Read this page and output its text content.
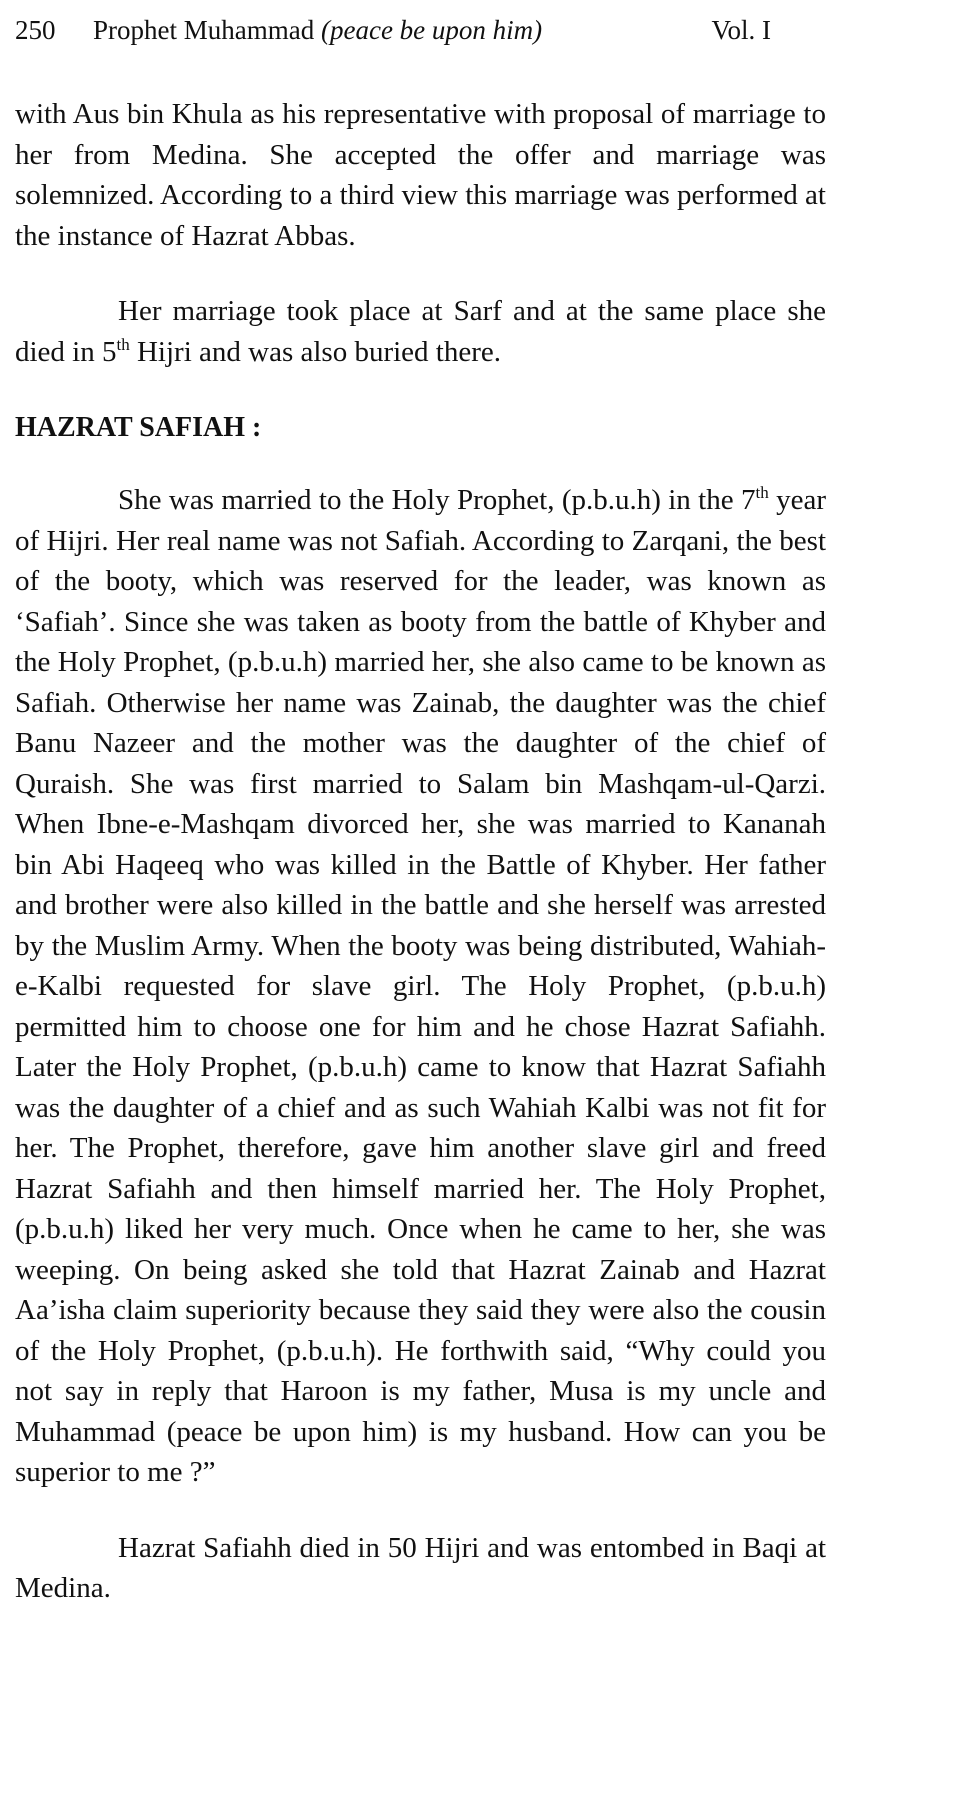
250 Prophet Muhammad (peace be upon him)	Vol. I

with Aus bin Khula as his representative with proposal of marriage to her from Medina. She accepted the offer and marriage was solemnized. According to a third view this marriage was performed at the instance of Hazrat Abbas.

Her marriage took place at Sarf and at the same place she died in 5th Hijri and was also buried there.

HAZRAT SAFIAH :

She was married to the Holy Prophet, (p.b.u.h) in the 7th year of Hijri. Her real name was not Safiah. According to Zarqani, the best of the booty, which was reserved for the leader, was known as ‘Safiah’. Since she was taken as booty from the battle of Khyber and the Holy Prophet, (p.b.u.h) married her, she also came to be known as Safiah. Otherwise her name was Zainab, the daughter was the chief Banu Nazeer and the mother was the daughter of the chief of Quraish. She was first married to Salam bin Mashqam-ul-Qarzi. When Ibne-e-Mashqam divorced her, she was married to Kananah bin Abi Haqeeq who was killed in the Battle of Khyber. Her father and brother were also killed in the battle and she herself was arrested by the Muslim Army. When the booty was being distributed, Wahiah-e-Kalbi requested for slave girl. The Holy Prophet, (p.b.u.h) permitted him to choose one for him and he chose Hazrat Safiahh. Later the Holy Prophet, (p.b.u.h) came to know that Hazrat Safiahh was the daughter of a chief and as such Wahiah Kalbi was not fit for her. The Prophet, therefore, gave him another slave girl and freed Hazrat Safiahh and then himself married her. The Holy Prophet, (p.b.u.h) liked her very much. Once when he came to her, she was weeping. On being asked she told that Hazrat Zainab and Hazrat Aa’isha claim superiority because they said they were also the cousin of the Holy Prophet, (p.b.u.h). He forthwith said, “Why could you not say in reply that Haroon is my father, Musa is my uncle and Muhammad (peace be upon him) is my husband. How can you be superior to me ?”

Hazrat Safiahh died in 50 Hijri and was entombed in Baqi at Medina.
